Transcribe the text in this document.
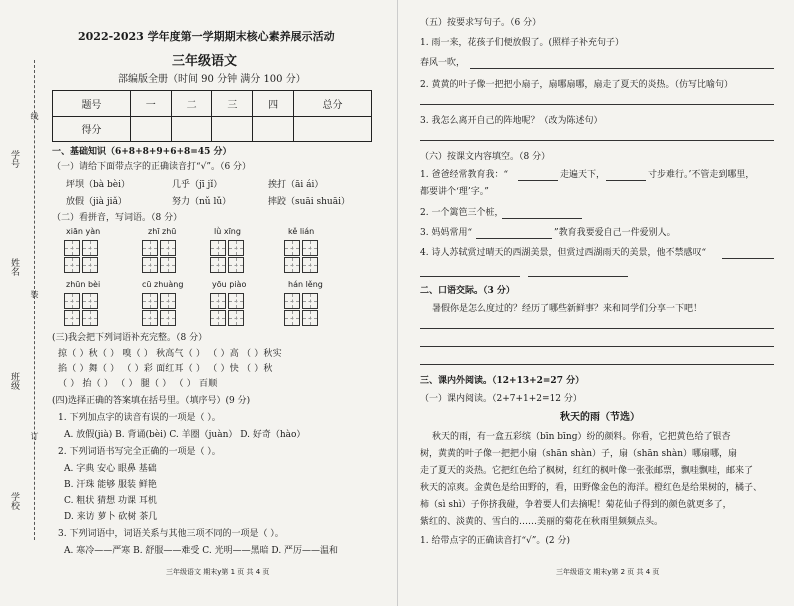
学号
姓名
班级
学校
线
装
订
2022-2023 学年度第一学期期末核心素养展示活动
三年级语文
部编版全册（时间 90 分钟 满分 100 分）
题号	一	二	三	四	总分
得分					
一、基础知识（6+8+8+9+6+8=45 分）
（一）请给下面带点字的正确读音打“√”。（6 分）
坪坝（bà bèi）	几乎（jī jǐ）	挨打（āi ái）
放假（jià jiǎ）	努力（nǔ lǔ）	摔跤（suāi shuāi）
（二）看拼音，写词语。（8 分）
xiān yàn	zhī zhū	lǜ xīng	kě lián
zhūn bèi	cū zhuàng	yōu piào	hán lěng
(三)我会把下列词语补充完整。（8 分）
掠（ ）秋（ ） 嗅（ ） 秋高气（ ） （ ）高 （ ）秋实
掐（ ）舞（ ） （ ）彩 面红耳（ ） （ ）快 （ ）秋
（ ） 抬（ ） （ ） 腿（ ） （ ） 百顺
(四)选择正确的答案填在括号里。（填序号）(9 分)
1. 下列加点字的读音有误的一项是（ ）。
A. 放假(jià) B. 背诵(bèi) C. 羊圈（juàn） D. 好奇（hào）
2. 下列词语书写完全正确的一项是（ ）。
A. 字典 安心 眼鼻 基础
B. 汗珠 能够 服装 鲜艳
C. 粗状 猜想 功课 耳机
D. 来访 萝卜 砍树 茶几
3. 下列词语中，词语关系与其他三项不同的一项是（ ）。
A. 寒冷——严寒 B. 舒服——难受 C. 光明——黑暗 D. 严厉——温和
三年级语文 期末y第 1 页 共 4 页
（五）按要求写句子。（6 分）
1. 雨一来，花孩子们便放假了。(照样子补充句子）
春风一吹，
2. 黄黄的叶子像一把把小扇子，扇哪扇哪，扇走了夏天的炎热。（仿写比喻句）
3. 我怎么离开自己的阵地呢？（改为陈述句）
（六）按课文内容填空。（8 分）
1. 爸爸经常教育我：“	走遍天下，	寸步难行。’不管走到哪里，
都要讲个‘理’字。”
2. 一个篱笆三个桩，
3. 妈妈常用“	”教育我要爱自己一件爱别人。
4. 诗人苏轼赏过晴天的西湖美景，但赏过西湖雨天的美景，他不禁感叹“
二、口语交际。（3 分）
暑假你是怎么度过的？经历了哪些新鲜事？来和同学们分享一下吧！
三、课内外阅读。（12+13+2=27 分）
（一）课内阅读。（2+7+1+2=12 分）
秋天的雨（节选）
秋天的雨，有一盒五彩缤（bīn bīng）纷的颜料。你看，它把黄色给了银杏
树，黄黄的叶子像一把把小扇（shān shàn）子，扇（shān shàn）哪扇哪，扇
走了夏天的炎热。它把红色给了枫树，红红的枫叶像一张张邮票，飘哇飘哇，邮来了
秋天的凉爽。金黄色是给田野的，看，田野像金色的海洋。橙红色是给果树的，橘子、
柿（sì shì）子你挤我碰，争着要人们去摘呢！菊花仙子得到的颜色就更多了，
紫红的、淡黄的、雪白的……美丽的菊花在秋雨里频频点头。
1. 给带点字的正确读音打“√”。(2 分)
三年级语文 期末y第 2 页 共 4 页
